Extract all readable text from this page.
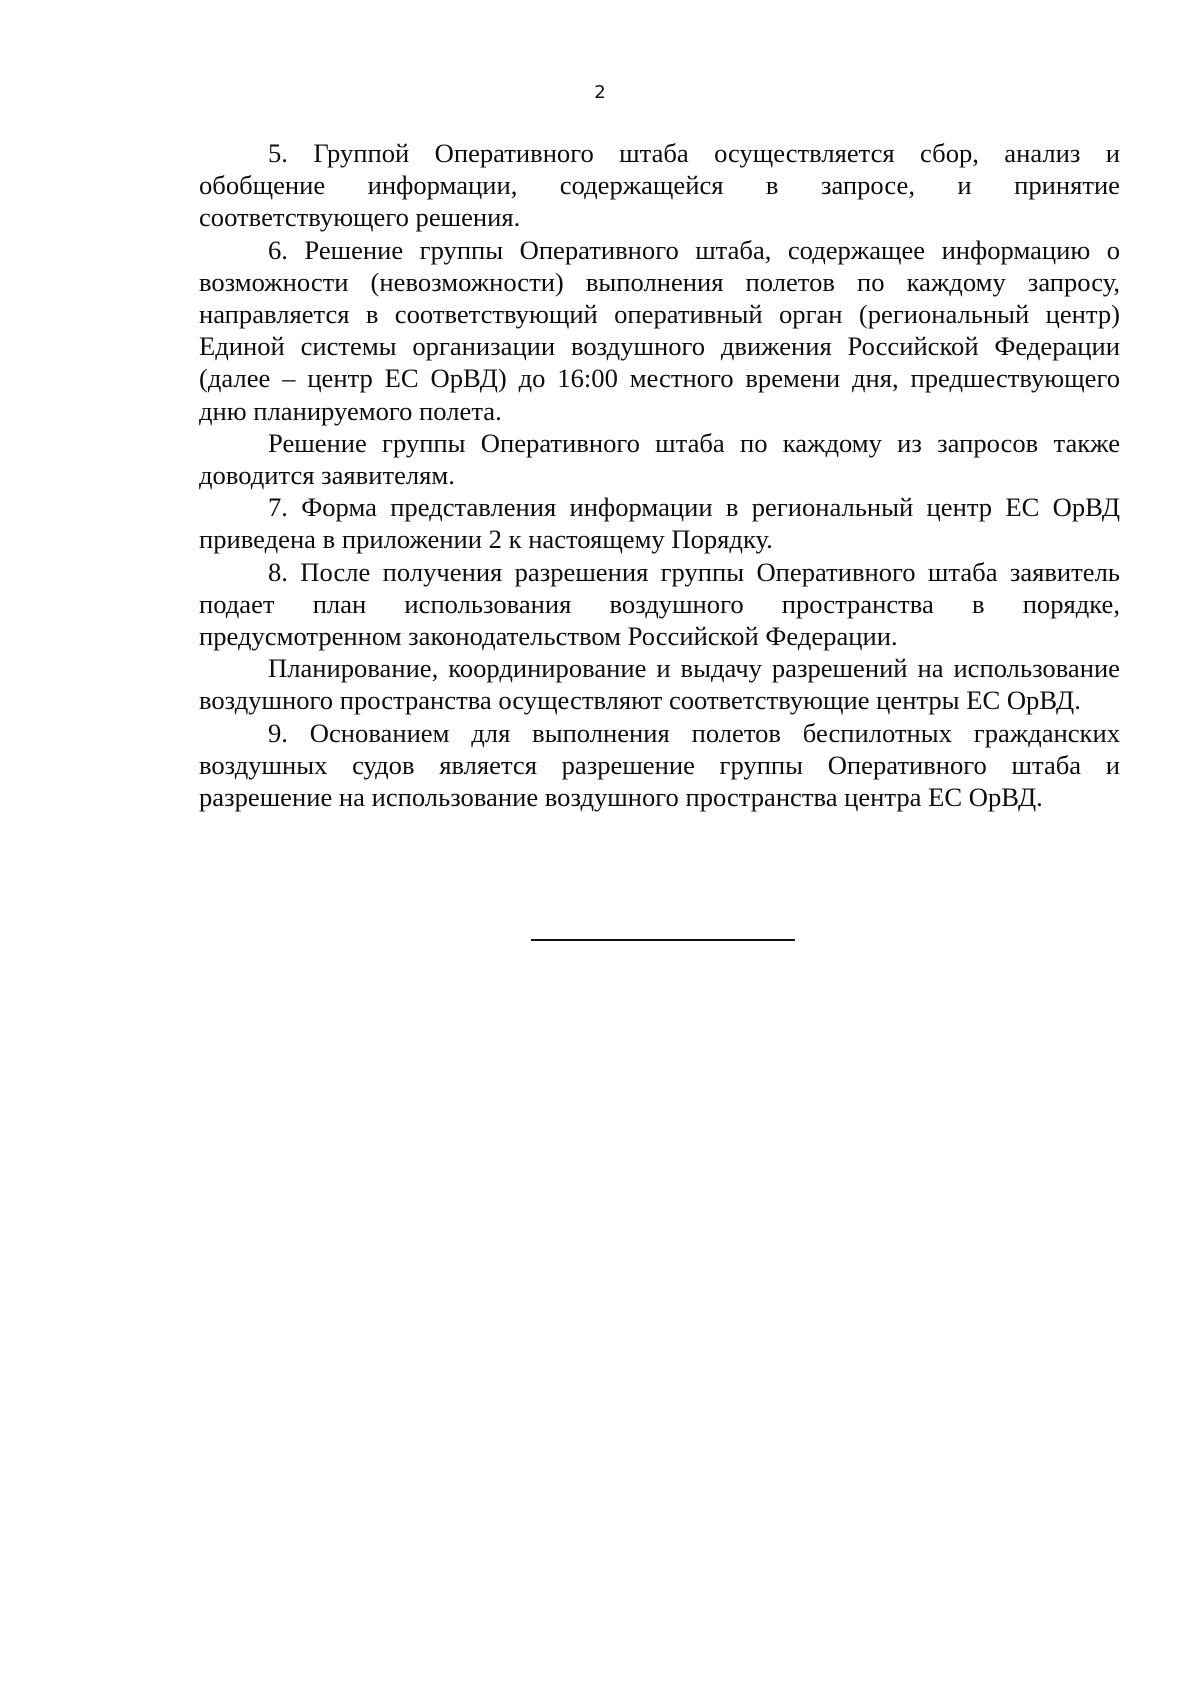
2

5. Группой Оперативного штаба осуществляется сбор, анализ и обобщение информации, содержащейся в запросе, и принятие соответствующего решения.

6. Решение группы Оперативного штаба, содержащее информацию о возможности (невозможности) выполнения полетов по каждому запросу, направляется в соответствующий оперативный орган (региональный центр) Единой системы организации воздушного движения Российской Федерации (далее – центр ЕС ОрВД) до 16:00 местного времени дня, предшествующего дню планируемого полета.

Решение группы Оперативного штаба по каждому из запросов также доводится заявителям.

7. Форма представления информации в региональный центр ЕС ОрВД приведена в приложении 2 к настоящему Порядку.

8. После получения разрешения группы Оперативного штаба заявитель подает план использования воздушного пространства в порядке, предусмотренном законодательством Российской Федерации.

Планирование, координирование и выдачу разрешений на использование воздушного пространства осуществляют соответствующие центры ЕС ОрВД.

9. Основанием для выполнения полетов беспилотных гражданских воздушных судов является разрешение группы Оперативного штаба и разрешение на использование воздушного пространства центра ЕС ОрВД.
